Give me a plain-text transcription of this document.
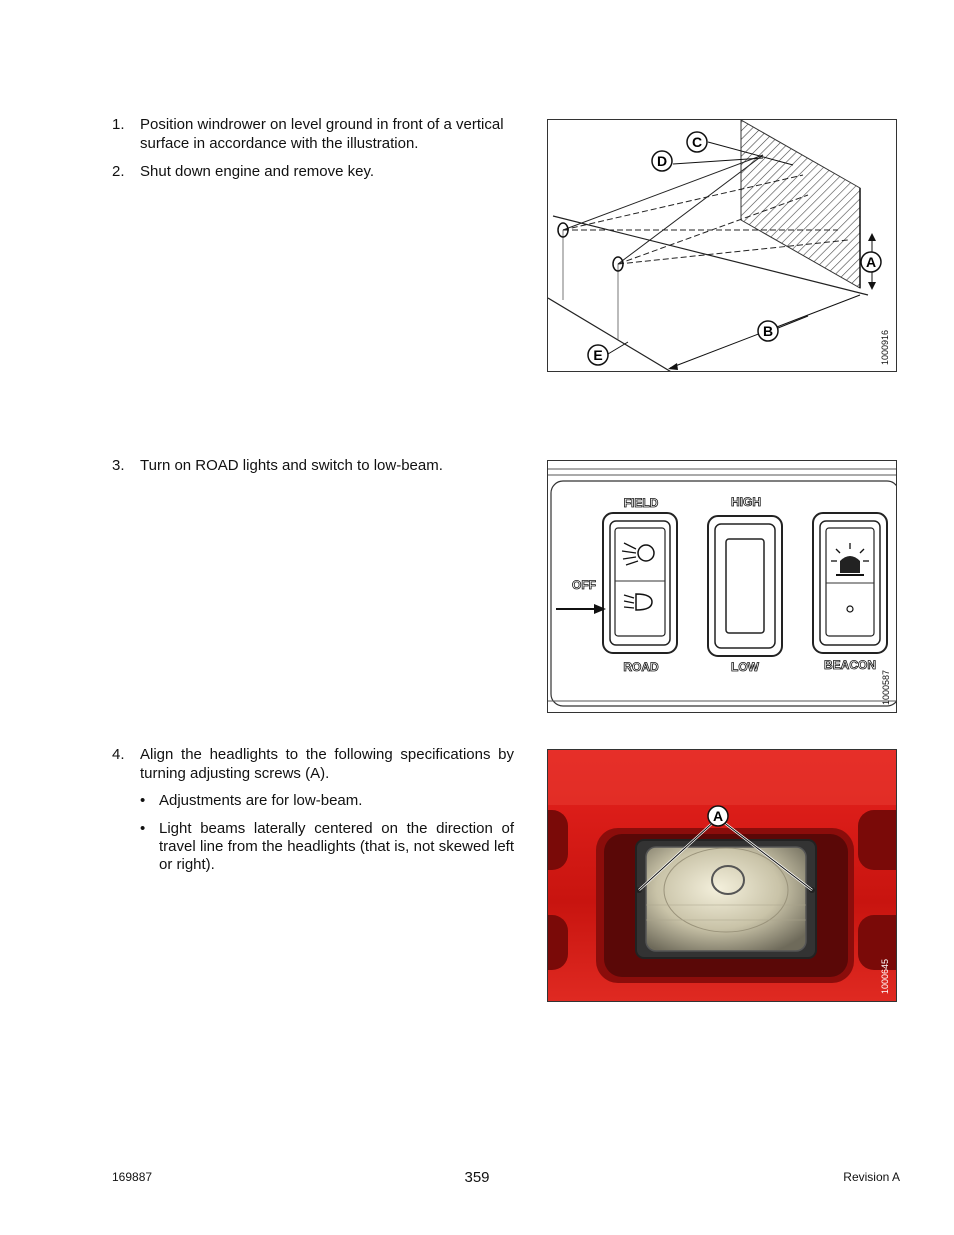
1. Position windrower on level ground in front of a vertical surface in accordance with the illustration.
2. Shut down engine and remove key.
C
D
A
B
E	1000916
3. Turn on ROAD lights and switch to low-beam.
FIELD	HIGH
OFF
ROAD	LOW	BEACON
1000587
4. Align the headlights to the following specifications by turning adjusting screws (A).
• Adjustments are for low-beam.
• Light beams laterally centered on the direction of travel line from the headlights (that is, not skewed left or right).
A
1000645
169887	359	Revision A
